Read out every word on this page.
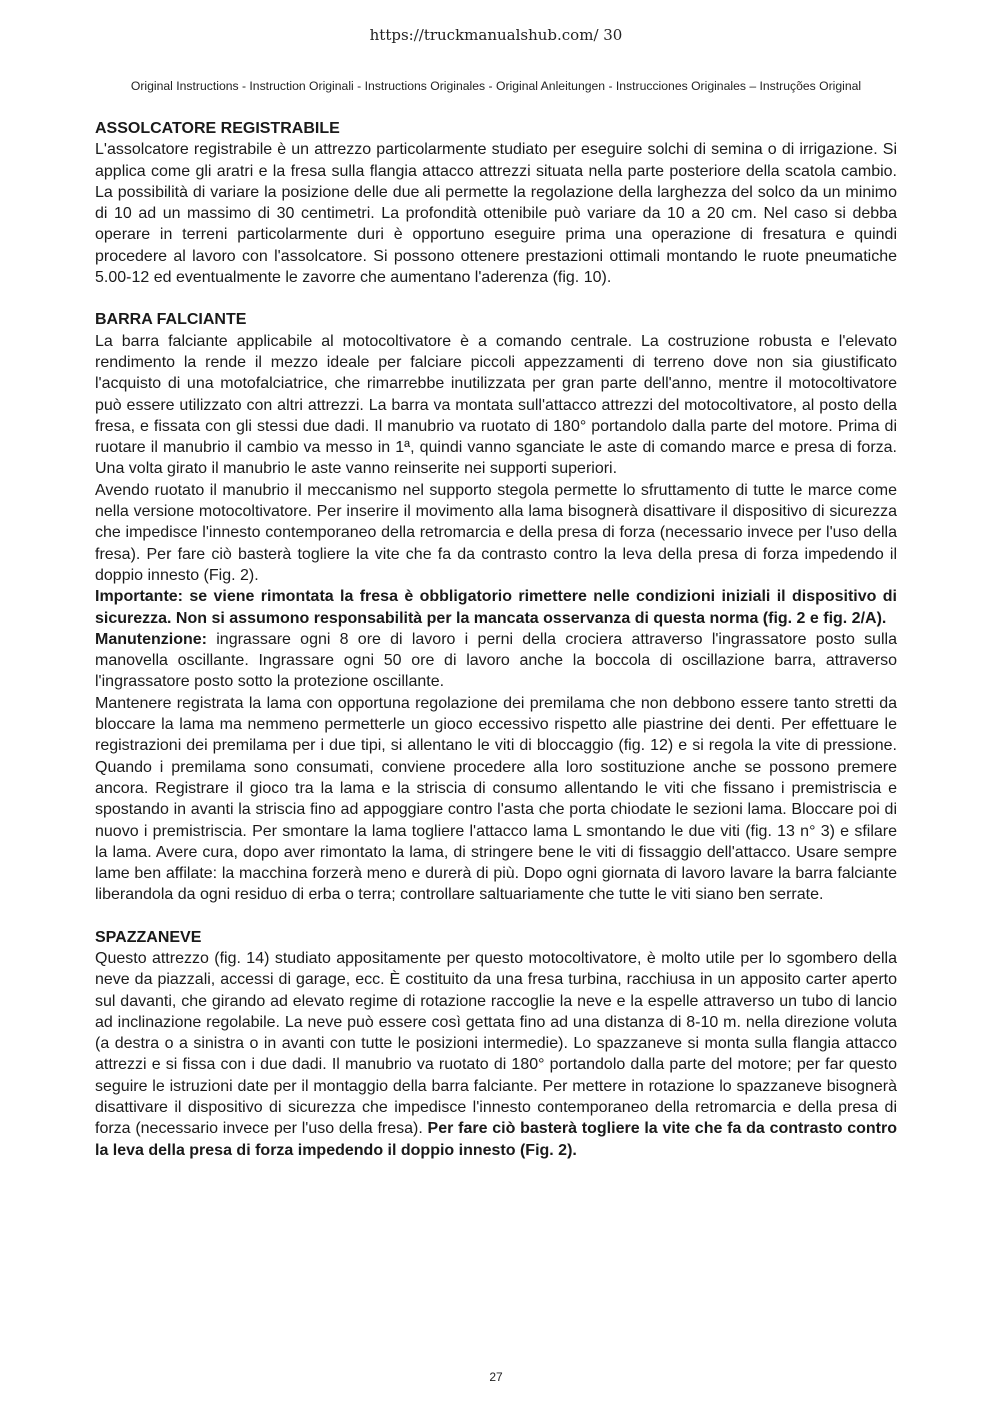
https://truckmanualshub.com/ 30
Original Instructions - Instruction Originali - Instructions Originales - Original Anleitungen - Instrucciones Originales – Instruções Original
ASSOLCATORE REGISTRABILE

L'assolcatore registrabile è un attrezzo particolarmente studiato per eseguire solchi di semina o di irrigazione. Si applica come gli aratri e la fresa sulla flangia attacco attrezzi situata nella parte posteriore della scatola cambio. La possibilità di variare la posizione delle due ali permette la regolazione della larghezza del solco da un minimo di 10 ad un massimo di 30 centimetri. La profondità ottenibile può variare da 10 a 20 cm. Nel caso si debba operare in terreni particolarmente duri è opportuno eseguire prima una operazione di fresatura e quindi procedere al lavoro con l'assolcatore. Si possono ottenere prestazioni ottimali montando le ruote pneumatiche 5.00-12 ed eventualmente le zavorre che aumentano l'aderenza (fig. 10).

BARRA FALCIANTE

La barra falciante applicabile al motocoltivatore è a comando centrale. La costruzione robusta e l'elevato rendimento la rende il mezzo ideale per falciare piccoli appezzamenti di terreno dove non sia giustificato l'acquisto di una motofalciatrice, che rimarrebbe inutilizzata per gran parte dell'anno, mentre il motocoltivatore può essere utilizzato con altri attrezzi. La barra va montata sull'attacco attrezzi del motocoltivatore, al posto della fresa, e fissata con gli stessi due dadi. Il manubrio va ruotato di 180° portandolo dalla parte del motore. Prima di ruotare il manubrio il cambio va messo in 1ª, quindi vanno sganciate le aste di comando marce e presa di forza. Una volta girato il manubrio le aste vanno reinserite nei supporti superiori.

Avendo ruotato il manubrio il meccanismo nel supporto stegola permette lo sfruttamento di tutte le marce come nella versione motocoltivatore. Per inserire il movimento alla lama bisognerà disattivare il dispositivo di sicurezza che impedisce l'innesto contemporaneo della retromarcia e della presa di forza (necessario invece per l'uso della fresa). Per fare ciò basterà togliere la vite che fa da contrasto contro la leva della presa di forza impedendo il doppio innesto (Fig. 2).

Importante: se viene rimontata la fresa è obbligatorio rimettere nelle condizioni iniziali il dispositivo di sicurezza. Non si assumono responsabilità per la mancata osservanza di questa norma (fig. 2 e fig. 2/A).

Manutenzione: ingrassare ogni 8 ore di lavoro i perni della crociera attraverso l'ingrassatore posto sulla manovella oscillante. Ingrassare ogni 50 ore di lavoro anche la boccola di oscillazione barra, attraverso l'ingrassatore posto sotto la protezione oscillante.

Mantenere registrata la lama con opportuna regolazione dei premilama che non debbono essere tanto stretti da bloccare la lama ma nemmeno permetterle un gioco eccessivo rispetto alle piastrine dei denti. Per effettuare le registrazioni dei premilama per i due tipi, si allentano le viti di bloccaggio (fig. 12) e si regola la vite di pressione. Quando i premilama sono consumati, conviene procedere alla loro sostituzione anche se possono premere ancora. Registrare il gioco tra la lama e la striscia di consumo allentando le viti che fissano i premistriscia e spostando in avanti la striscia fino ad appoggiare contro l'asta che porta chiodate le sezioni lama. Bloccare poi di nuovo i premistriscia. Per smontare la lama togliere l'attacco lama L smontando le due viti (fig. 13 n° 3) e sfilare la lama. Avere cura, dopo aver rimontato la lama, di stringere bene le viti di fissaggio dell'attacco. Usare sempre lame ben affilate: la macchina forzerà meno e durerà di più. Dopo ogni giornata di lavoro lavare la barra falciante liberandola da ogni residuo di erba o terra; controllare saltuariamente che tutte le viti siano ben serrate.

SPAZZANEVE

Questo attrezzo (fig. 14) studiato appositamente per questo motocoltivatore, è molto utile per lo sgombero della neve da piazzali, accessi di garage, ecc. È costituito da una fresa turbina, racchiusa in un apposito carter aperto sul davanti, che girando ad elevato regime di rotazione raccoglie la neve e la espelle attraverso un tubo di lancio ad inclinazione regolabile. La neve può essere così gettata fino ad una distanza di 8-10 m. nella direzione voluta (a destra o a sinistra o in avanti con tutte le posizioni intermedie). Lo spazzaneve si monta sulla flangia attacco attrezzi e si fissa con i due dadi. Il manubrio va ruotato di 180° portandolo dalla parte del motore; per far questo seguire le istruzioni date per il montaggio della barra falciante. Per mettere in rotazione lo spazzaneve bisognerà disattivare il dispositivo di sicurezza che impedisce l'innesto contemporaneo della retromarcia e della presa di forza (necessario invece per l'uso della fresa). Per fare ciò basterà togliere la vite che fa da contrasto contro la leva della presa di forza impedendo il doppio innesto (Fig. 2).

27
